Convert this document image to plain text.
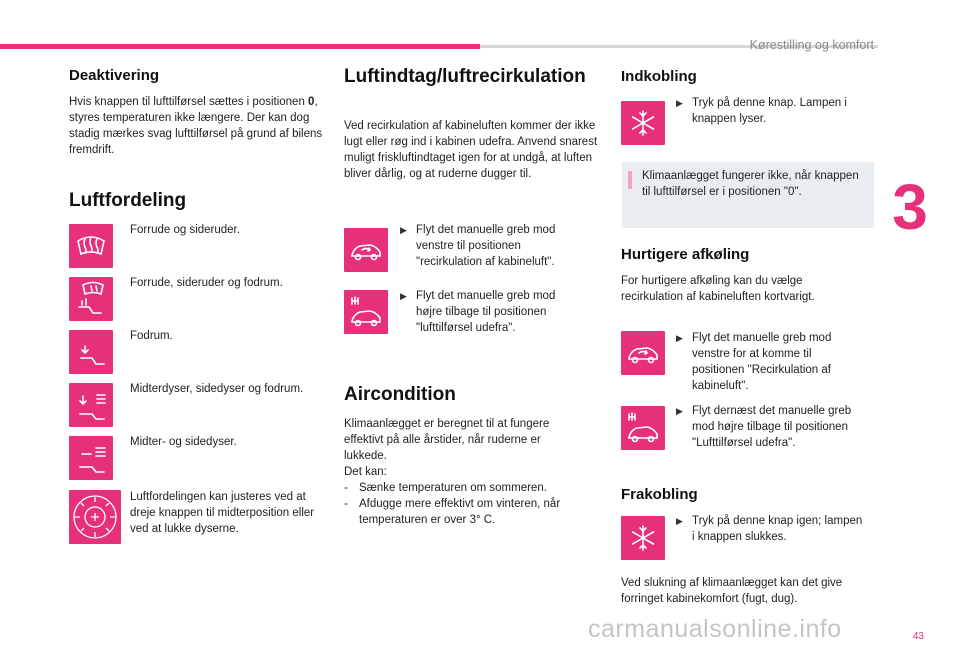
Kørestilling og komfort
3
Deaktivering
Hvis knappen til lufttilførsel sættes i positionen 0, styres temperaturen ikke længere. Der kan dog stadig mærkes svag lufttilførsel på grund af bilens fremdrift.
Luftfordeling
Forrude og sideruder.
Forrude, sideruder og fodrum.
Fodrum.
Midterdyser, sidedyser og fodrum.
Midter- og sidedyser.
Luftfordelingen kan justeres ved at dreje knappen til midterposition eller ved at lukke dyserne.
Luftindtag/luftrecirkulation
Ved recirkulation af kabineluften kommer der ikke lugt eller røg ind i kabinen udefra. Anvend snarest muligt friskluftindtaget igen for at undgå, at luften bliver dårlig, og at ruderne dugger til.
▶ Flyt det manuelle greb mod venstre til positionen "recirkulation af kabineluft".
▶ Flyt det manuelle greb mod højre tilbage til positionen "lufttilførsel udefra".
Aircondition
Klimaanlægget er beregnet til at fungere effektivt på alle årstider, når ruderne er lukkede.
Det kan:
- Sænke temperaturen om sommeren.
- Afdugge mere effektivt om vinteren, når temperaturen er over 3° C.
Indkobling
▶ Tryk på denne knap. Lampen i knappen lyser.
Klimaanlægget fungerer ikke, når knappen til lufttilførsel er i positionen "0".
Hurtigere afkøling
For hurtigere afkøling kan du vælge recirkulation af kabineluften kortvarigt.
▶ Flyt det manuelle greb mod venstre for at komme til positionen "Recirkulation af kabineluft".
▶ Flyt dernæst det manuelle greb mod højre tilbage til positionen "Lufttilførsel udefra".
Frakobling
▶ Tryk på denne knap igen; lampen i knappen slukkes.
Ved slukning af klimaanlægget kan det give forringet kabinekomfort (fugt, dug).
carmanualsonline.info	43
